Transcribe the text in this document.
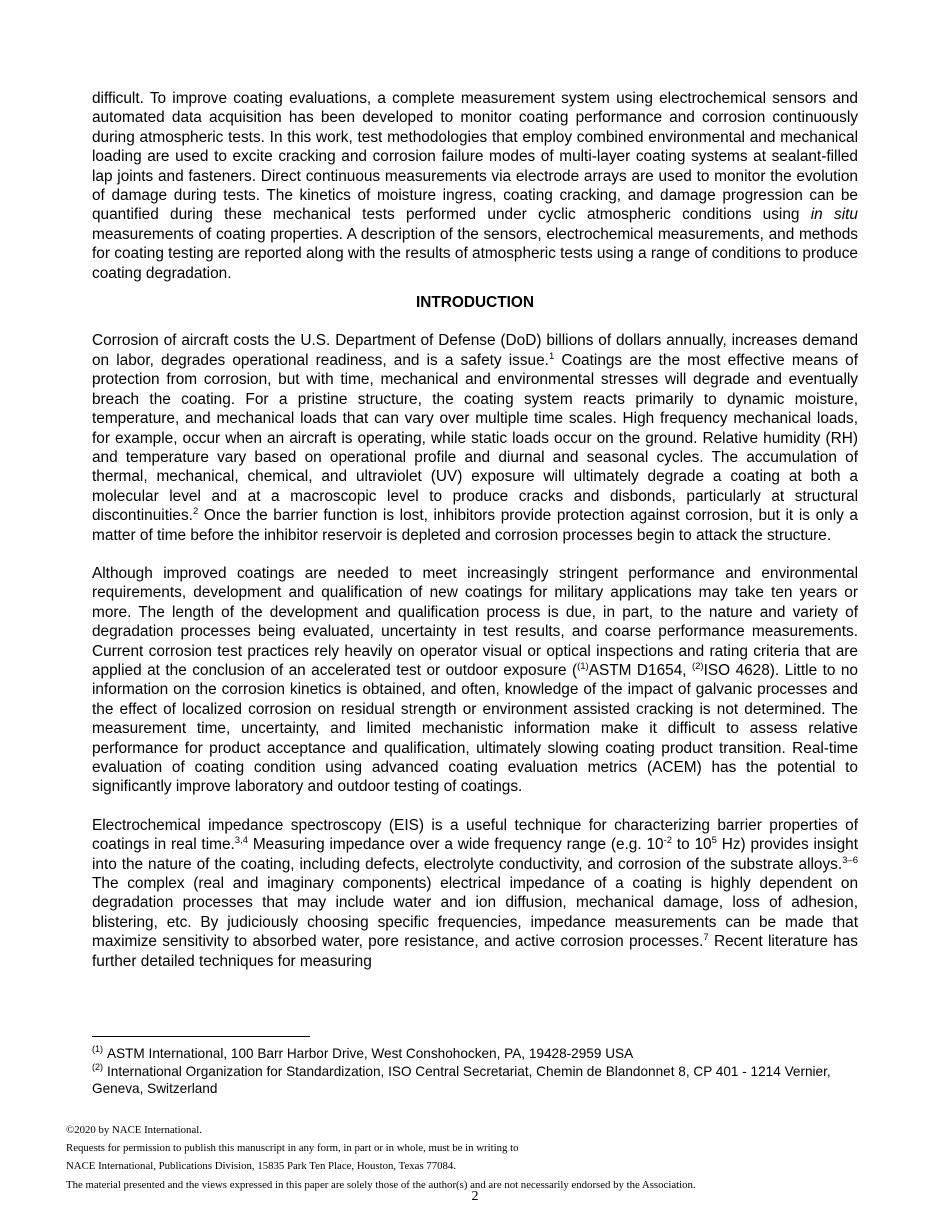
difficult. To improve coating evaluations, a complete measurement system using electrochemical sensors and automated data acquisition has been developed to monitor coating performance and corrosion continuously during atmospheric tests. In this work, test methodologies that employ combined environmental and mechanical loading are used to excite cracking and corrosion failure modes of multi-layer coating systems at sealant-filled lap joints and fasteners. Direct continuous measurements via electrode arrays are used to monitor the evolution of damage during tests. The kinetics of moisture ingress, coating cracking, and damage progression can be quantified during these mechanical tests performed under cyclic atmospheric conditions using in situ measurements of coating properties. A description of the sensors, electrochemical measurements, and methods for coating testing are reported along with the results of atmospheric tests using a range of conditions to produce coating degradation.

INTRODUCTION

Corrosion of aircraft costs the U.S. Department of Defense (DoD) billions of dollars annually, increases demand on labor, degrades operational readiness, and is a safety issue.$^1$ Coatings are the most effective means of protection from corrosion, but with time, mechanical and environmental stresses will degrade and eventually breach the coating. For a pristine structure, the coating system reacts primarily to dynamic moisture, temperature, and mechanical loads that can vary over multiple time scales. High frequency mechanical loads, for example, occur when an aircraft is operating, while static loads occur on the ground. Relative humidity (RH) and temperature vary based on operational profile and diurnal and seasonal cycles. The accumulation of thermal, mechanical, chemical, and ultraviolet (UV) exposure will ultimately degrade a coating at both a molecular level and at a macroscopic level to produce cracks and disbonds, particularly at structural discontinuities.$^2$ Once the barrier function is lost, inhibitors provide protection against corrosion, but it is only a matter of time before the inhibitor reservoir is depleted and corrosion processes begin to attack the structure.

Although improved coatings are needed to meet increasingly stringent performance and environmental requirements, development and qualification of new coatings for military applications may take ten years or more. The length of the development and qualification process is due, in part, to the nature and variety of degradation processes being evaluated, uncertainty in test results, and coarse performance measurements. Current corrosion test practices rely heavily on operator visual or optical inspections and rating criteria that are applied at the conclusion of an accelerated test or outdoor exposure ($^{(1)}$ASTM D1654, $^{(2)}$ISO 4628). Little to no information on the corrosion kinetics is obtained, and often, knowledge of the impact of galvanic processes and the effect of localized corrosion on residual strength or environment assisted cracking is not determined. The measurement time, uncertainty, and limited mechanistic information make it difficult to assess relative performance for product acceptance and qualification, ultimately slowing coating product transition. Real-time evaluation of coating condition using advanced coating evaluation metrics (ACEM) has the potential to significantly improve laboratory and outdoor testing of coatings.

Electrochemical impedance spectroscopy (EIS) is a useful technique for characterizing barrier properties of coatings in real time.$^{3,4}$ Measuring impedance over a wide frequency range (e.g. $10^{-2}$ to $10^5$ Hz) provides insight into the nature of the coating, including defects, electrolyte conductivity, and corrosion of the substrate alloys.$^{3-6}$ The complex (real and imaginary components) electrical impedance of a coating is highly dependent on degradation processes that may include water and ion diffusion, mechanical damage, loss of adhesion, blistering, etc. By judiciously choosing specific frequencies, impedance measurements can be made that maximize sensitivity to absorbed water, pore resistance, and active corrosion processes.$^7$ Recent literature has further detailed techniques for measuring

$^{(1)}$ ASTM International, 100 Barr Harbor Drive, West Conshohocken, PA, 19428-2959 USA

$^{(2)}$ International Organization for Standardization, ISO Central Secretariat, Chemin de Blandonnet 8, CP 401 - 1214 Vernier, Geneva, Switzerland

©2020 by NACE International.
Requests for permission to publish this manuscript in any form, in part or in whole, must be in writing to
NACE International, Publications Division, 15835 Park Ten Place, Houston, Texas 77084.
The material presented and the views expressed in this paper are solely those of the author(s) and are not necessarily endorsed by the Association.
2
